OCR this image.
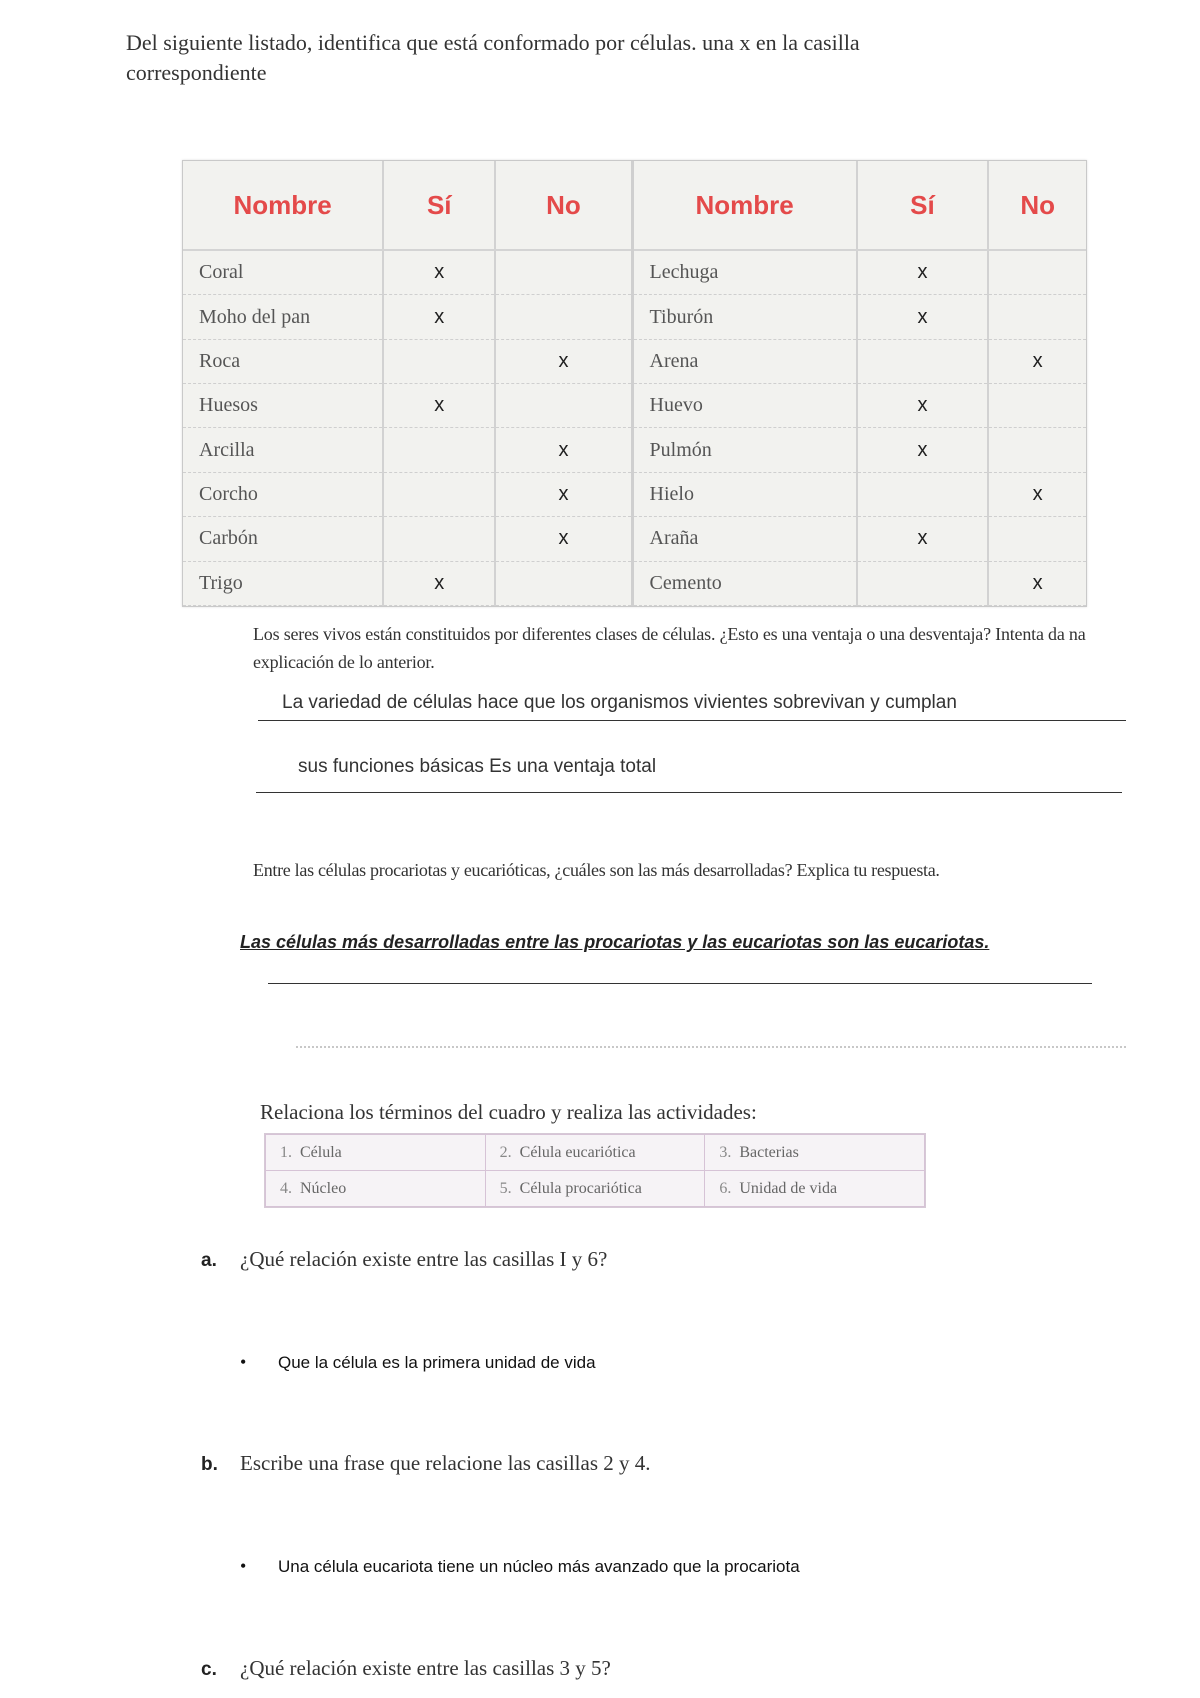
Del siguiente listado, identifica que está conformado por células. una x en la casilla correspondiente
Nombre	Sí	No	Nombre	Sí	No
Coral	x		Lechuga	x	
Moho del pan	x		Tiburón	x	
Roca		x	Arena		x
Huesos	x		Huevo	x	
Arcilla		x	Pulmón	x	
Corcho		x	Hielo		x
Carbón		x	Araña	x	
Trigo	x		Cemento		x
Los seres vivos están constituidos por diferentes clases de células. ¿Esto es una ventaja o una desventaja? Intenta da na explicación de lo anterior.
La variedad de células hace que los organismos vivientes sobrevivan y cumplan
sus funciones básicas Es una ventaja total
Entre las células procariotas y eucarióticas, ¿cuáles son las más desarrolladas? Explica tu respuesta.
Las células más desarrolladas entre las procariotas y las eucariotas son las eucariotas.
Relaciona los términos del cuadro y realiza las actividades:
1. Célula	2. Célula eucariótica	3. Bacterias
4. Núcleo	5. Célula procariótica	6. Unidad de vida
a. ¿Qué relación existe entre las casillas I y 6?
• Que la célula es la primera unidad de vida
b. Escribe una frase que relacione las casillas 2 y 4.
• Una célula eucariota tiene un núcleo más avanzado que la procariota
c. ¿Qué relación existe entre las casillas 3 y 5?
